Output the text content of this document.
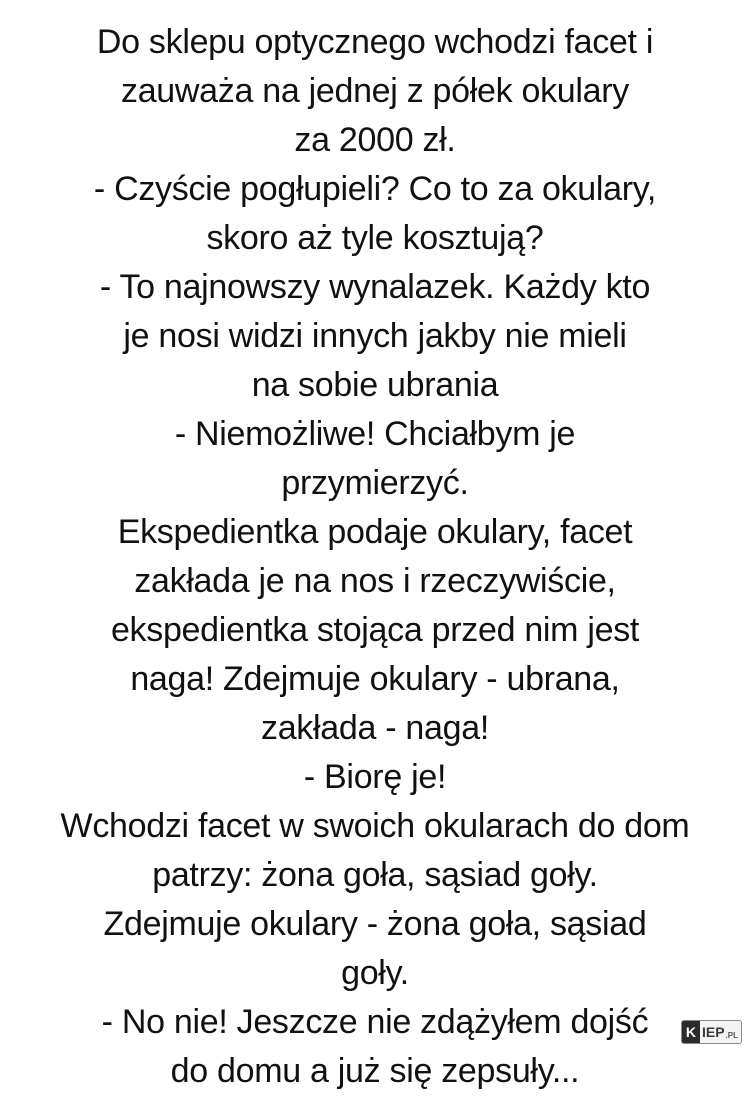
Do sklepu optycznego wchodzi facet i
zauważa na jednej z półek okulary
za 2000 zł.
- Czyście pogłupieli? Co to za okulary,
skoro aż tyle kosztują?
- To najnowszy wynalazek. Każdy kto
je nosi widzi innych jakby nie mieli
na sobie ubrania
- Niemożliwe! Chciałbym je
przymierzyć.
Ekspedientka podaje okulary, facet
zakłada je na nos i rzeczywiście,
ekspedientka stojąca przed nim jest
naga! Zdejmuje okulary - ubrana,
zakłada - naga!
- Biorę je!
Wchodzi facet w swoich okularach do dom
patrzy: żona goła, sąsiad goły.
Zdejmuje okulary - żona goła, sąsiad
goły.
- No nie! Jeszcze nie zdążyłem dojść
do domu a już się zepsuły...
K IEP .PL
